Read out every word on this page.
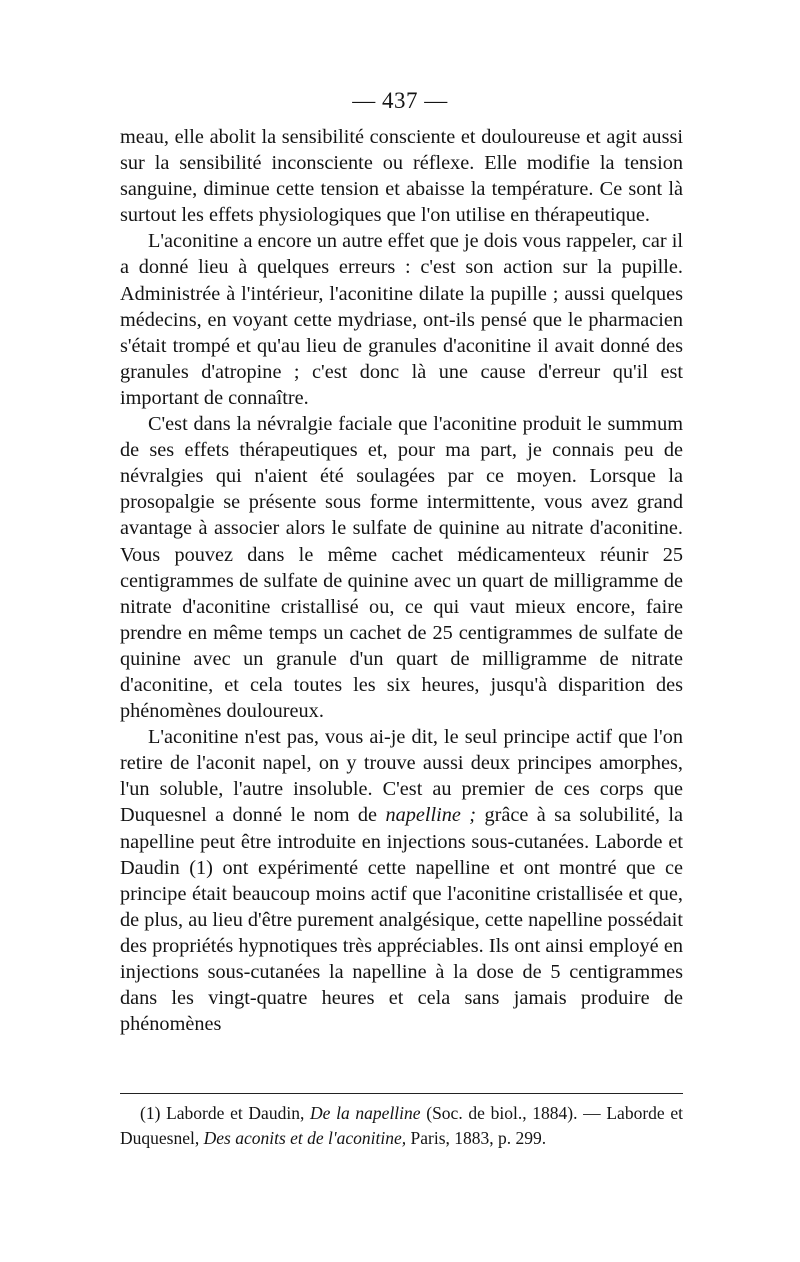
— 437 —

meau, elle abolit la sensibilité consciente et douloureuse et agit aussi sur la sensibilité inconsciente ou réflexe. Elle modifie la tension sanguine, diminue cette tension et abaisse la température. Ce sont là surtout les effets physiologiques que l'on utilise en thérapeutique.

L'aconitine a encore un autre effet que je dois vous rappeler, car il a donné lieu à quelques erreurs : c'est son action sur la pupille. Administrée à l'intérieur, l'aconitine dilate la pupille ; aussi quelques médecins, en voyant cette mydriase, ont-ils pensé que le pharmacien s'était trompé et qu'au lieu de granules d'aconitine il avait donné des granules d'atropine ; c'est donc là une cause d'erreur qu'il est important de connaître.

C'est dans la névralgie faciale que l'aconitine produit le summum de ses effets thérapeutiques et, pour ma part, je connais peu de névralgies qui n'aient été soulagées par ce moyen. Lorsque la prosopalgie se présente sous forme intermittente, vous avez grand avantage à associer alors le sulfate de quinine au nitrate d'aconitine. Vous pouvez dans le même cachet médicamenteux réunir 25 centigrammes de sulfate de quinine avec un quart de milligramme de nitrate d'aconitine cristallisé ou, ce qui vaut mieux encore, faire prendre en même temps un cachet de 25 centigrammes de sulfate de quinine avec un granule d'un quart de milligramme de nitrate d'aconitine, et cela toutes les six heures, jusqu'à disparition des phénomènes douloureux.

L'aconitine n'est pas, vous ai-je dit, le seul principe actif que l'on retire de l'aconit napel, on y trouve aussi deux principes amorphes, l'un soluble, l'autre insoluble. C'est au premier de ces corps que Duquesnel a donné le nom de napelline ; grâce à sa solubilité, la napelline peut être introduite en injections sous-cutanées. Laborde et Daudin (1) ont expérimenté cette napelline et ont montré que ce principe était beaucoup moins actif que l'aconitine cristallisée et que, de plus, au lieu d'être purement analgésique, cette napelline possédait des propriétés hypnotiques très appréciables. Ils ont ainsi employé en injections sous-cutanées la napelline à la dose de 5 centigrammes dans les vingt-quatre heures et cela sans jamais produire de phénomènes

(1) Laborde et Daudin, De la napelline (Soc. de biol., 1884). — Laborde et Duquesnel, Des aconits et de l'aconitine, Paris, 1883, p. 299.
